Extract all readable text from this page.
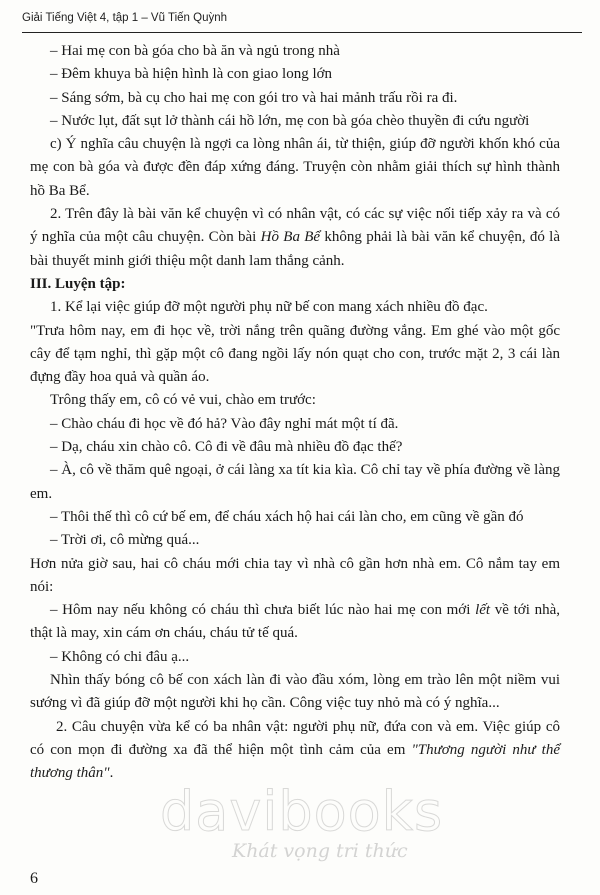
Giải Tiếng Việt 4, tập 1 – Vũ Tiến Quỳnh

– Hai mẹ con bà góa cho bà ăn và ngủ trong nhà

– Đêm khuya bà hiện hình là con giao long lớn

– Sáng sớm, bà cụ cho hai mẹ con gói tro và hai mảnh trấu rồi ra đi.

– Nước lụt, đất sụt lở thành cái hồ lớn, mẹ con bà góa chèo thuyền đi cứu người

c) Ý nghĩa câu chuyện là ngợi ca lòng nhân ái, từ thiện, giúp đỡ người khốn khó của mẹ con bà góa và được đền đáp xứng đáng. Truyện còn nhằm giải thích sự hình thành hồ Ba Bể.

2. Trên đây là bài văn kể chuyện vì có nhân vật, có các sự việc nối tiếp xảy ra và có ý nghĩa của một câu chuyện. Còn bài Hồ Ba Bể không phải là bài văn kể chuyện, đó là bài thuyết minh giới thiệu một danh lam thắng cảnh.

III. Luyện tập:

1. Kể lại việc giúp đỡ một người phụ nữ bế con mang xách nhiều đồ đạc.

"Trưa hôm nay, em đi học về, trời nắng trên quãng đường vắng. Em ghé vào một gốc cây để tạm nghỉ, thì gặp một cô đang ngồi lấy nón quạt cho con, trước mặt 2, 3 cái làn đựng đầy hoa quả và quần áo.

Trông thấy em, cô có vẻ vui, chào em trước:

– Chào cháu đi học về đó hả? Vào đây nghỉ mát một tí đã.

– Dạ, cháu xin chào cô. Cô đi về đâu mà nhiều đồ đạc thế?

– À, cô về thăm quê ngoại, ở cái làng xa tít kia kìa. Cô chỉ tay về phía đường về làng em.

– Thôi thế thì cô cứ bế em, để cháu xách hộ hai cái làn cho, em cũng về gần đó

– Trời ơi, cô mừng quá...

Hơn nửa giờ sau, hai cô cháu mới chia tay vì nhà cô gần hơn nhà em. Cô nắm tay em nói:

– Hôm nay nếu không có cháu thì chưa biết lúc nào hai mẹ con mới lết về tới nhà, thật là may, xin cám ơn cháu, cháu tử tế quá.

– Không có chi đâu ạ...

Nhìn thấy bóng cô bế con xách làn đi vào đầu xóm, lòng em trào lên một niềm vui sướng vì đã giúp đỡ một người khi họ cần. Công việc tuy nhỏ mà có ý nghĩa...

2. Câu chuyện vừa kể có ba nhân vật: người phụ nữ, đứa con và em. Việc giúp cô có con mọn đi đường xa đã thể hiện một tình cảm của em "Thương người như thể thương thân".

davibooks
Khát vọng tri thức
6
